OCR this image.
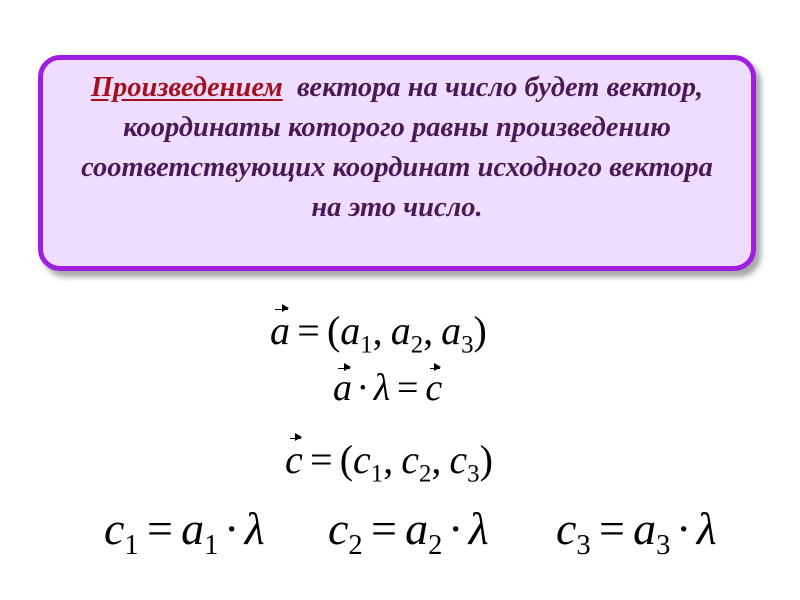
Произведением вектора на число будет вектор, координаты которого равны произведению соответствующих координат исходного вектора на это число.
$a = (a_1$,  $a_2$,  $a_3$)
a · λ = c
$c = (c_1$,  $c_2$,  $c_3$)
$c_1 = a_1 \cdot \lambda$ $c_2 = a_2 \cdot \lambda$ $c_3 = a_3 \cdot \lambda$
